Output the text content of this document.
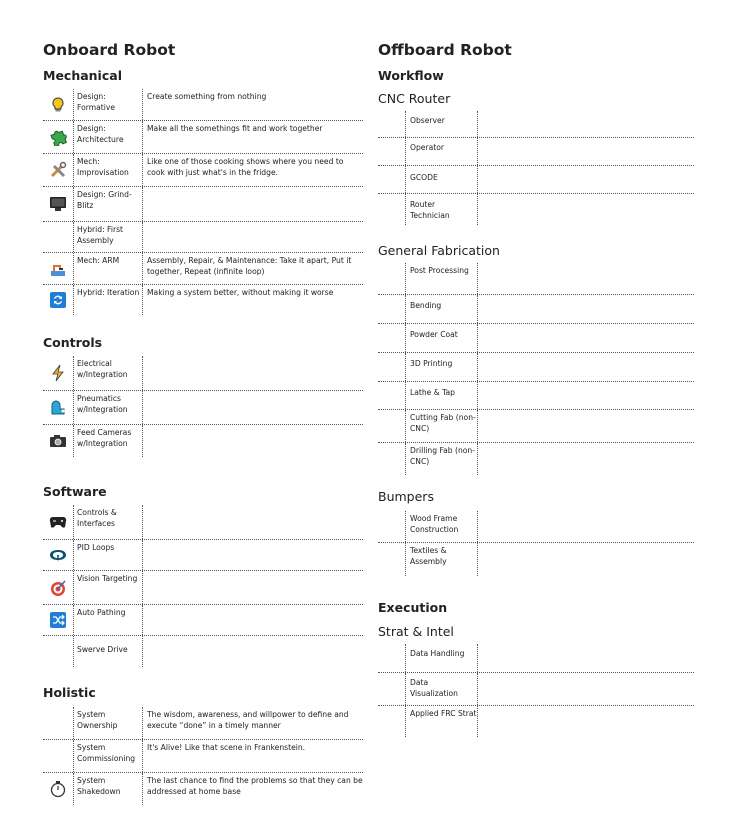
Onboard Robot
Mechanical
Design: Formative
Create something from nothing
Design: Architecture
Make all the somethings fit and work together
Mech: Improvisation
Like one of those cooking shows where you need to cook with just what's in the fridge.
Design: Grind-Blitz
Hybrid: First Assembly
Mech: ARM	Assembly, Repair, & Maintenance: Take it apart, Put it together, Repeat (infinite loop)
Hybrid: Iteration	Making a system better, without making it worse
Controls
Electrical w/Integration
Pneumatics w/Integration
Feed Cameras w/Integration
Software
Controls & Interfaces
PID Loops
Vision Targeting
Auto Pathing
Swerve Drive
Holistic
System Ownership
The wisdom, awareness, and willpower to define and execute “done” in a timely manner
System Commissioning
It's Alive! Like that scene in Frankenstein.
System Shakedown
The last chance to find the problems so that they can be addressed at home base
Offboard Robot
Workflow
CNC Router
Observer
Operator
GCODE
Router Technician
General Fabrication
Post Processing
Bending
Powder Coat
3D Printing
Lathe & Tap
Cutting Fab (non-CNC)
Drilling Fab (non-CNC)
Bumpers
Wood Frame Construction
Textiles & Assembly
Execution
Strat & Intel
Data Handling
Data Visualization
Applied FRC Strat
